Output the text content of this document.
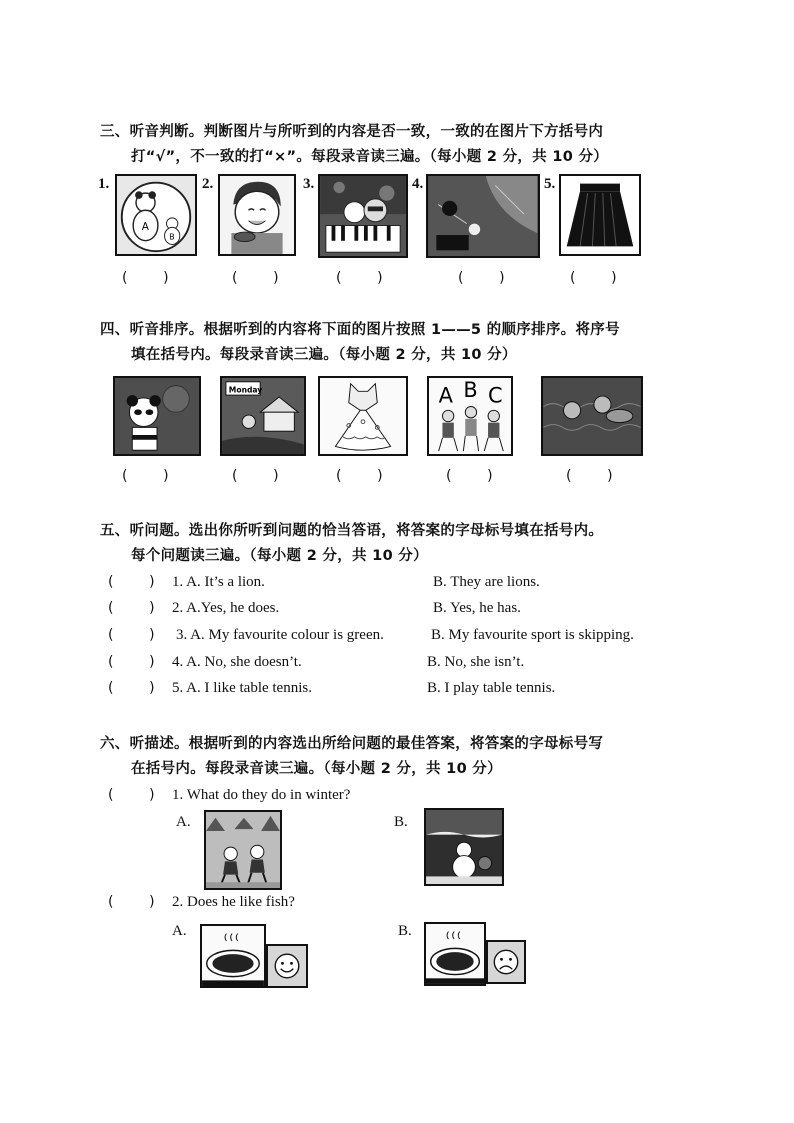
三、听音判断。判断图片与所听到的内容是否一致，一致的在图片下方括号内
打“√”，不一致的打“×”。每段录音读三遍。（每小题 2 分，共 10 分）
1.
A
B
2.	3.	4.	5.
(        )	(        )	(        )	(        )	(        )
四、听音排序。根据听到的内容将下面的图片按照 1——5 的顺序排序。将序号
填在括号内。每段录音读三遍。（每小题 2 分，共 10 分）
Monday	A B C
(        )	(        )	(        )	(        )	(        )
五、听问题。选出你所听到问题的恰当答语，将答案的字母标号填在括号内。
每个问题读三遍。（每小题 2 分，共 10 分）
(        ) 1. A. It’s a lion.	B. They are lions.
(        ) 2. A.Yes, he does.	B. Yes, he has.
(        ) 3. A. My favourite colour is green.	B. My favourite sport is skipping.
(        ) 4. A. No, she doesn’t.	B. No, she isn’t.
(        ) 5. A. I like table tennis.	B. I play table tennis.
六、听描述。根据听到的内容选出所给问题的最佳答案，将答案的字母标号写
在括号内。每段录音读三遍。（每小题 2 分，共 10 分）
(        ) 1. What do they do in winter?
A.	B.
(        ) 2. Does he like fish?
A.	B.
